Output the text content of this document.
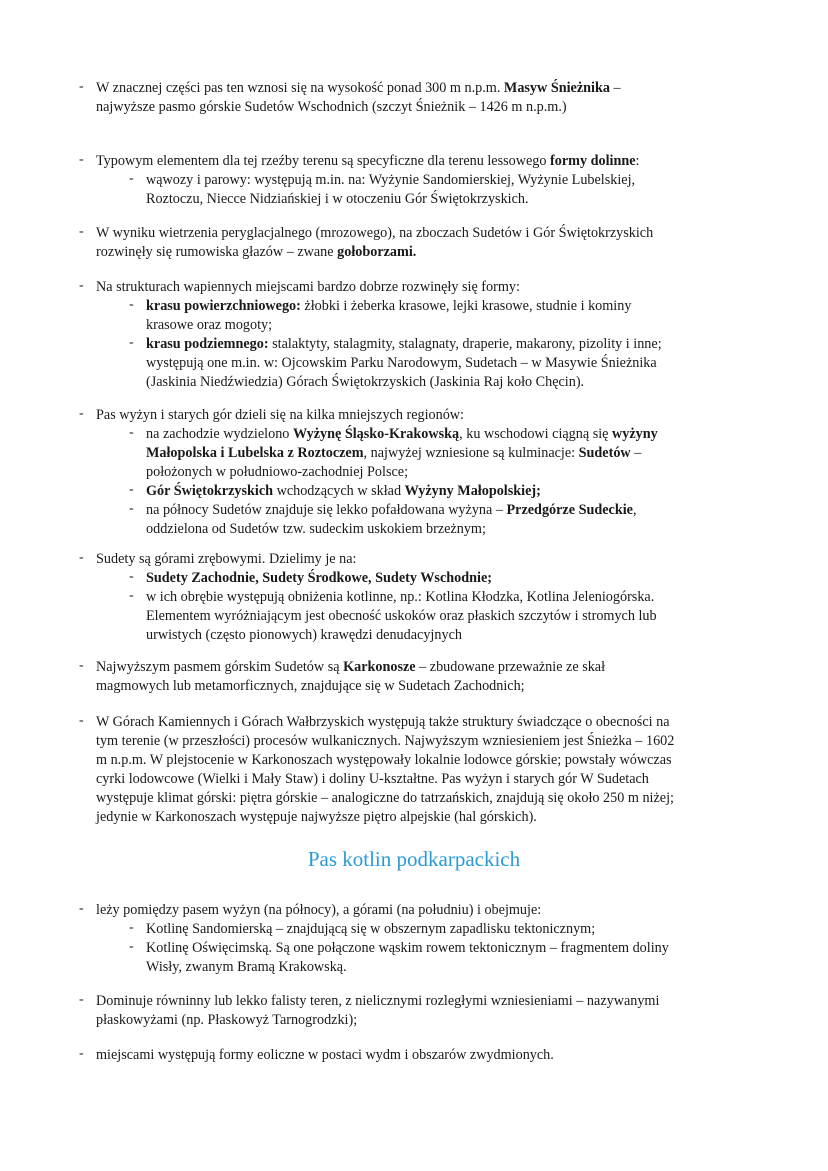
- W znacznej części pas ten wznosi się na wysokość ponad 300 m n.p.m. Masyw Śnieżnika –
najwyższe pasmo górskie Sudetów Wschodnich (szczyt Śnieżnik – 1426 m n.p.m.)
- Typowym elementem dla tej rzeźby terenu są specyficzne dla terenu lessowego formy dolinne:
- wąwozy i parowy: występują m.in. na: Wyżynie Sandomierskiej, Wyżynie Lubelskiej,
Roztoczu, Niecce Nidziańskiej i w otoczeniu Gór Świętokrzyskich.
- W wyniku wietrzenia peryglacjalnego (mrozowego), na zboczach Sudetów i Gór Świętokrzyskich
rozwinęły się rumowiska głazów – zwane gołoborzami.
- Na strukturach wapiennych miejscami bardzo dobrze rozwinęły się formy:
- krasu powierzchniowego: żłobki i żeberka krasowe, lejki krasowe, studnie i kominy
krasowe oraz mogoty;
- krasu podziemnego: stalaktyty, stalagmity, stalagnaty, draperie, makarony, pizolity i inne;
występują one m.in. w: Ojcowskim Parku Narodowym, Sudetach – w Masywie Śnieżnika
(Jaskinia Niedźwiedzia) Górach Świętokrzyskich (Jaskinia Raj koło Chęcin).
- Pas wyżyn i starych gór dzieli się na kilka mniejszych regionów:
- na zachodzie wydzielono Wyżynę Śląsko-Krakowską, ku wschodowi ciągną się wyżyny
Małopolska i Lubelska z Roztoczem, najwyżej wzniesione są kulminacje: Sudetów –
położonych w południowo-zachodniej Polsce;
- Gór Świętokrzyskich wchodzących w skład Wyżyny Małopolskiej;
- na północy Sudetów znajduje się lekko pofałdowana wyżyna – Przedgórze Sudeckie,
oddzielona od Sudetów tzw. sudeckim uskokiem brzeżnym;
- Sudety są górami zrębowymi. Dzielimy je na:
- Sudety Zachodnie, Sudety Środkowe, Sudety Wschodnie;
- w ich obrębie występują obniżenia kotlinne, np.: Kotlina Kłodzka, Kotlina Jeleniogórska.
Elementem wyróżniającym jest obecność uskoków oraz płaskich szczytów i stromych lub
urwistych (często pionowych) krawędzi denudacyjnych
- Najwyższym pasmem górskim Sudetów są Karkonosze – zbudowane przeważnie ze skał
magmowych lub metamorficznych, znajdujące się w Sudetach Zachodnich;
- W Górach Kamiennych i Górach Wałbrzyskich występują także struktury świadczące o obecności na
tym terenie (w przeszłości) procesów wulkanicznych. Najwyższym wzniesieniem jest Śnieżka – 1602
m n.p.m. W plejstocenie w Karkonoszach występowały lokalnie lodowce górskie; powstały wówczas
cyrki lodowcowe (Wielki i Mały Staw) i doliny U-kształtne. Pas wyżyn i starych gór W Sudetach
występuje klimat górski: piętra górskie – analogiczne do tatrzańskich, znajdują się około 250 m niżej;
jedynie w Karkonoszach występuje najwyższe piętro alpejskie (hal górskich).
- leży pomiędzy pasem wyżyn (na północy), a górami (na południu) i obejmuje:
- Kotlinę Sandomierską – znajdującą się w obszernym zapadlisku tektonicznym;
- Kotlinę Oświęcimską. Są one połączone wąskim rowem tektonicznym – fragmentem doliny
Wisły, zwanym Bramą Krakowską.
- Dominuje równinny lub lekko falisty teren, z nielicznymi rozległymi wzniesieniami – nazywanymi
płaskowyżami (np. Płaskowyż Tarnogrodzki);
- miejscami występują formy eoliczne w postaci wydm i obszarów zwydmionych.
Pas kotlin podkarpackich
